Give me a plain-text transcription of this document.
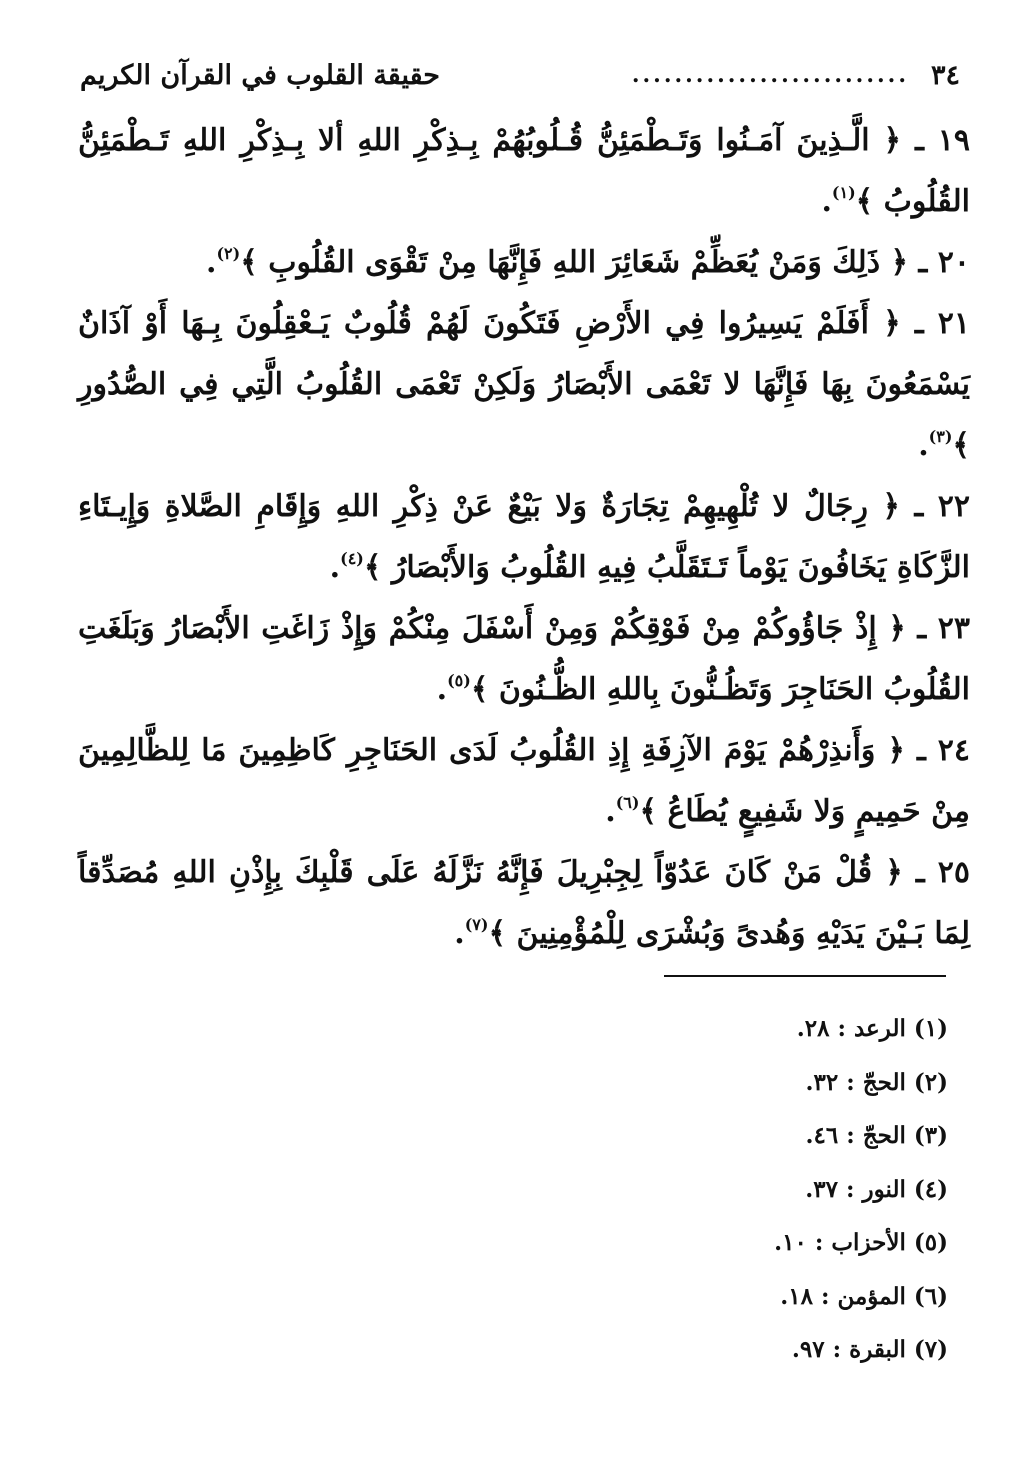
٣٤
..........................
حقيقة القلوب في القرآن الكريم

١٩ ـ ﴿ الَّـذِينَ آمَـنُوا وَتَـطْمَئِنُّ قُـلُوبُهُمْ بِـذِكْرِ اللهِ ألا بِـذِكْرِ اللهِ تَـطْمَئِنُّ القُلُوبُ ﴾$^{(١)}$.

٢٠ ـ ﴿ ذَلِكَ وَمَنْ يُعَظِّمْ شَعَائِرَ اللهِ فَإِنَّهَا مِنْ تَقْوَى القُلُوبِ ﴾$^{(٢)}$.

٢١ ـ ﴿ أَفَلَمْ يَسِيرُوا فِي الأَرْضِ فَتَكُونَ لَهُمْ قُلُوبٌ يَـعْقِلُونَ بِـهَا أَوْ آذَانٌ يَسْمَعُونَ بِهَا فَإِنَّهَا لا تَعْمَى الأَبْصَارُ وَلَكِنْ تَعْمَى القُلُوبُ الَّتِي فِي الصُّدُورِ ﴾$^{(٣)}$.

٢٢ ـ ﴿ رِجَالٌ لا تُلْهِيهِمْ تِجَارَةٌ وَلا بَيْعٌ عَنْ ذِكْرِ اللهِ وَإِقَامِ الصَّلاةِ وَإِيـتَاءِ الزَّكَاةِ يَخَافُونَ يَوْماً تَـتَقَلَّبُ فِيهِ القُلُوبُ وَالأَبْصَارُ ﴾$^{(٤)}$.

٢٣ ـ ﴿ إِذْ جَاؤُوكُمْ مِنْ فَوْقِكُمْ وَمِنْ أَسْفَلَ مِنْكُمْ وَإِذْ زَاغَتِ الأَبْصَارُ وَبَلَغَتِ القُلُوبُ الحَنَاجِرَ وَتَظُـنُّونَ بِاللهِ الظُّـنُونَ ﴾$^{(٥)}$.

٢٤ ـ ﴿ وَأَنذِرْهُمْ يَوْمَ الآزِفَةِ إِذِ القُلُوبُ لَدَى الحَنَاجِرِ كَاظِمِينَ مَا لِلظَّالِمِينَ مِنْ حَمِيمٍ وَلا شَفِيعٍ يُطَاعُ ﴾$^{(٦)}$.

٢٥ ـ ﴿ قُلْ مَنْ كَانَ عَدُوّاً لِجِبْرِيلَ فَإِنَّهُ نَزَّلَهُ عَلَى قَلْبِكَ بِإِذْنِ اللهِ مُصَدِّقاً لِمَا بَـيْنَ يَدَيْهِ وَهُدىً وَبُشْرَى لِلْمُؤْمِنِينَ ﴾$^{(٧)}$.

(١) الرعد : ٢٨.

(٢) الحجّ : ٣٢.

(٣) الحجّ : ٤٦.

(٤) النور : ٣٧.

(٥) الأحزاب : ١٠.

(٦) المؤمن : ١٨.

(٧) البقرة : ٩٧.
